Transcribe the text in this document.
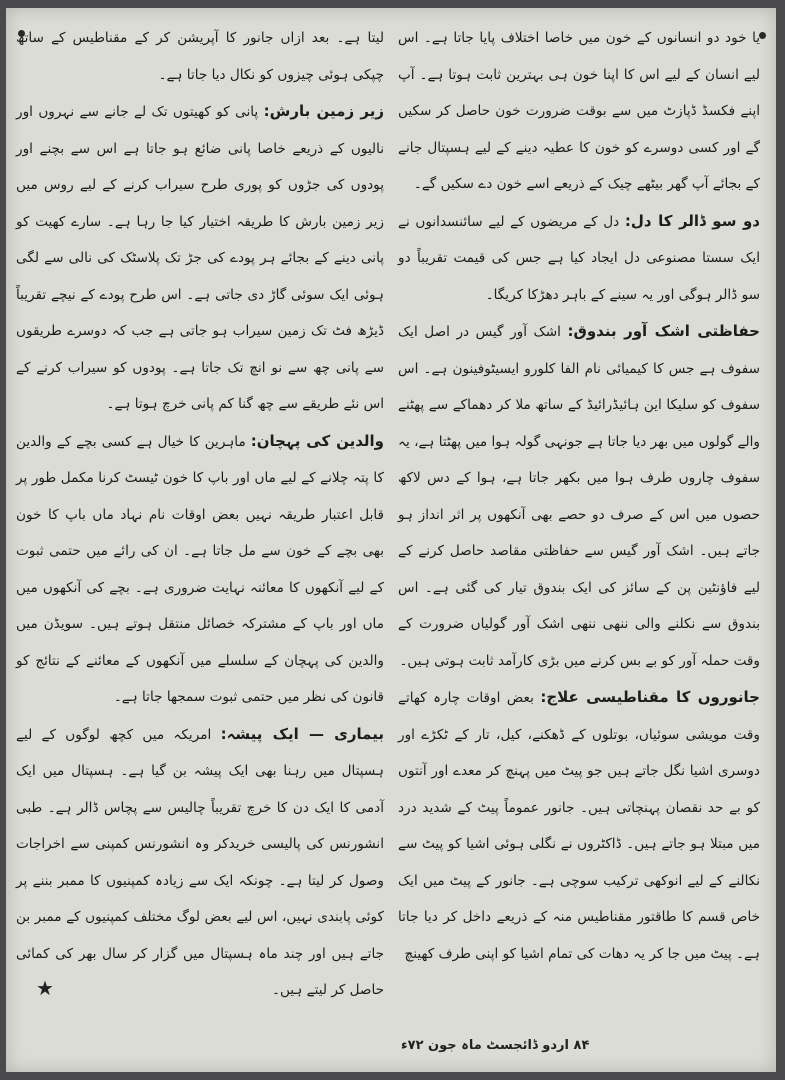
یا خود دو انسانوں کے خون میں خاصا اختلاف پایا جاتا ہے۔ اس لیے انسان کے لیے اس کا اپنا خون ہی بہترین ثابت ہوتا ہے۔ آپ اپنے فکسڈ ڈپازٹ میں سے بوقت ضرورت خون حاصل کر سکیں گے اور کسی دوسرے کو خون کا عطیہ دینے کے لیے ہسپتال جانے کے بجائے آپ گھر بیٹھے چیک کے ذریعے اسے خون دے سکیں گے۔

دو سو ڈالر کا دل: دل کے مریضوں کے لیے سائنسدانوں نے ایک سستا مصنوعی دل ایجاد کیا ہے جس کی قیمت تقریباً دو سو ڈالر ہوگی اور یہ سینے کے باہر دھڑکا کریگا۔

حفاظتی اشک آور بندوق: اشک آور گیس در اصل ایک سفوف ہے جس کا کیمیائی نام الفا کلورو ایسیٹوفینون ہے۔ اس سفوف کو سلیکا این ہائیڈرائیڈ کے ساتھ ملا کر دھماکے سے پھٹنے والے گولوں میں بھر دیا جاتا ہے جونہی گولہ ہوا میں پھٹتا ہے، یہ سفوف چاروں طرف ہوا میں بکھر جاتا ہے، ہوا کے دس لاکھ حصوں میں اس کے صرف دو حصے بھی آنکھوں پر اثر انداز ہو جاتے ہیں۔ اشک آور گیس سے حفاظتی مقاصد حاصل کرنے کے لیے فاؤنٹین پن کے سائز کی ایک بندوق تیار کی گئی ہے۔ اس بندوق سے نکلنے والی ننھی ننھی اشک آور گولیاں ضرورت کے وقت حملہ آور کو بے بس کرنے میں بڑی کارآمد ثابت ہوتی ہیں۔

جانوروں کا مقناطیسی علاج: بعض اوقات چارہ کھاتے وقت مویشی سوئیاں، بوتلوں کے ڈھکنے، کیل، تار کے ٹکڑے اور دوسری اشیا نگل جاتے ہیں جو پیٹ میں پہنچ کر معدے اور آنتوں کو بے حد نقصان پہنچاتی ہیں۔ جانور عموماً پیٹ کے شدید درد میں مبتلا ہو جاتے ہیں۔ ڈاکٹروں نے نگلی ہوئی اشیا کو پیٹ سے نکالنے کے لیے انوکھی ترکیب سوچی ہے۔ جانور کے پیٹ میں ایک خاص قسم کا طاقتور مقناطیس منہ کے ذریعے داخل کر دیا جاتا ہے۔ پیٹ میں جا کر یہ دھات کی تمام اشیا کو اپنی طرف کھینچ

لیتا ہے۔ بعد ازاں جانور کا آپریشن کر کے مقناطیس کے ساتھ چپکی ہوئی چیزوں کو نکال دیا جاتا ہے۔

زیر زمین بارش: پانی کو کھیتوں تک لے جانے سے نہروں اور نالیوں کے ذریعے خاصا پانی ضائع ہو جاتا ہے اس سے بچنے اور پودوں کی جڑوں کو پوری طرح سیراب کرنے کے لیے روس میں زیر زمین بارش کا طریقہ اختیار کیا جا رہا ہے۔ سارے کھیت کو پانی دینے کے بجائے ہر پودے کی جڑ تک پلاسٹک کی نالی سے لگی ہوئی ایک سوئی گاڑ دی جاتی ہے۔ اس طرح پودے کے نیچے تقریباً ڈیڑھ فٹ تک زمین سیراب ہو جاتی ہے جب کہ دوسرے طریقوں سے پانی چھ سے نو انچ تک جاتا ہے۔ پودوں کو سیراب کرنے کے اس نئے طریقے سے چھ گنا کم پانی خرچ ہوتا ہے۔

والدین کی پہچان: ماہرین کا خیال ہے کسی بچے کے والدین کا پتہ چلانے کے لیے ماں اور باپ کا خون ٹیسٹ کرنا مکمل طور پر قابل اعتبار طریقہ نہیں بعض اوقات نام نہاد ماں باپ کا خون بھی بچے کے خون سے مل جاتا ہے۔ ان کی رائے میں حتمی ثبوت کے لیے آنکھوں کا معائنہ نہایت ضروری ہے۔ بچے کی آنکھوں میں ماں اور باپ کے مشترکہ خصائل منتقل ہوتے ہیں۔ سویڈن میں والدین کی پہچان کے سلسلے میں آنکھوں کے معائنے کے نتائج کو قانون کی نظر میں حتمی ثبوت سمجھا جاتا ہے۔

بیماری — ایک پیشہ: امریکہ میں کچھ لوگوں کے لیے ہسپتال میں رہنا بھی ایک پیشہ بن گیا ہے۔ ہسپتال میں ایک آدمی کا ایک دن کا خرچ تقریباً چالیس سے پچاس ڈالر ہے۔ طبی انشورنس کی پالیسی خریدکر وہ انشورنس کمپنی سے اخراجات وصول کر لیتا ہے۔ چونکہ ایک سے زیادہ کمپنیوں کا ممبر بننے پر کوئی پابندی نہیں، اس لیے بعض لوگ مختلف کمپنیوں کے ممبر بن جاتے ہیں اور چند ماہ ہسپتال میں گزار کر سال بھر کی کمائی حاصل کر لیتے ہیں۔

★
۸۴ اردو ڈائجسٹ ماہ جون ۷۲ء
